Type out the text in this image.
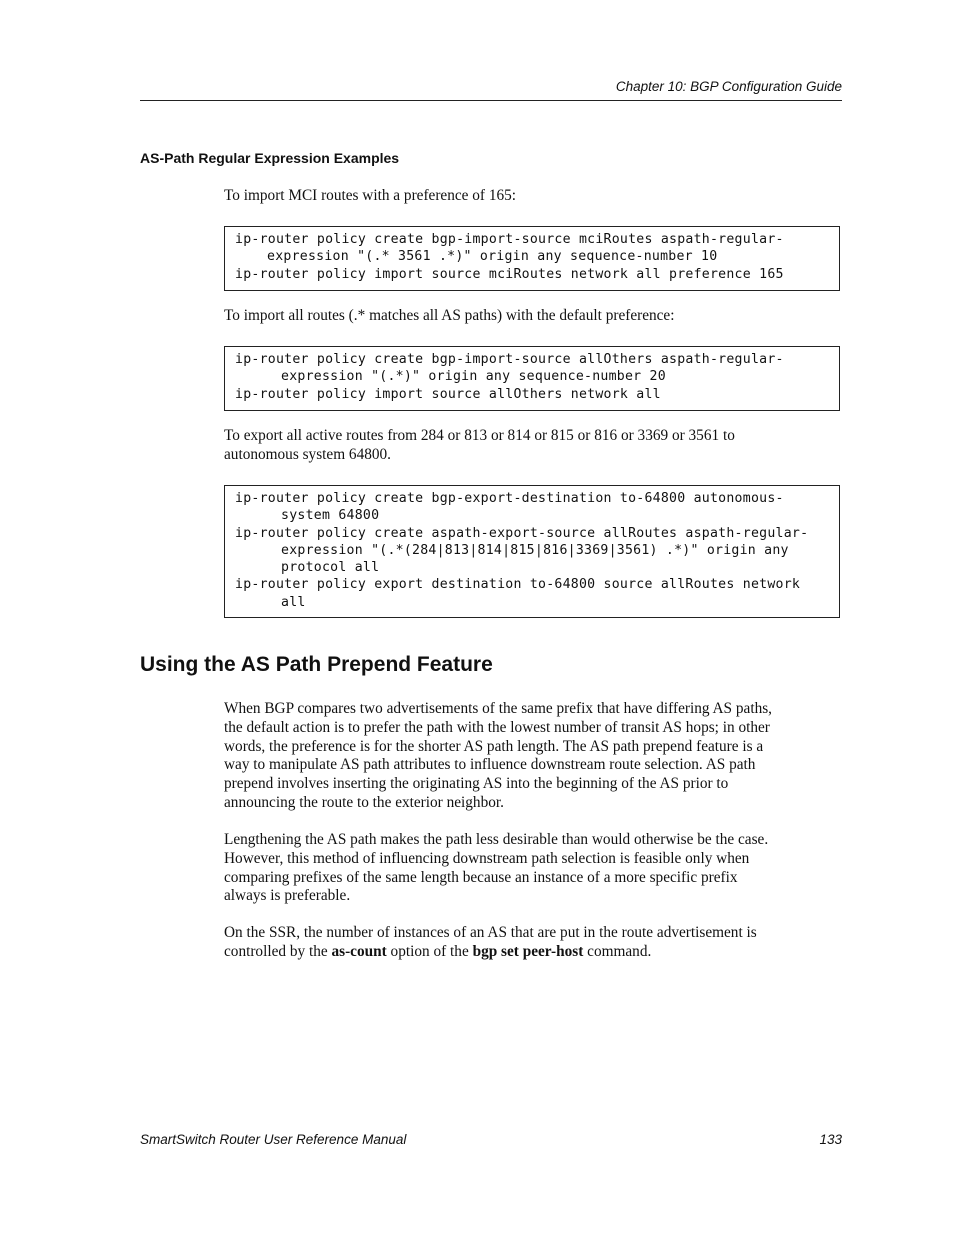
Chapter 10: BGP Configuration Guide
AS-Path Regular Expression Examples
To import MCI routes with a preference of 165:
ip-router policy create bgp-import-source mciRoutes aspath-regular-
expression "(.* 3561 .*)" origin any sequence-number 10
ip-router policy import source mciRoutes network all preference 165
To import all routes (.* matches all AS paths) with the default preference:
ip-router policy create bgp-import-source allOthers aspath-regular-
expression "(.*)" origin any sequence-number 20
ip-router policy import source allOthers network all
To export all active routes from 284 or 813 or 814 or 815 or 816 or 3369 or 3561 to
autonomous system 64800.
ip-router policy create bgp-export-destination to-64800 autonomous-
system 64800
ip-router policy create aspath-export-source allRoutes aspath-regular-
expression "(.*(284|813|814|815|816|3369|3561) .*)" origin any
protocol all
ip-router policy export destination to-64800 source allRoutes network
all
Using the AS Path Prepend Feature
When BGP compares two advertisements of the same prefix that have differing AS paths,
the default action is to prefer the path with the lowest number of transit AS hops; in other
words, the preference is for the shorter AS path length. The AS path prepend feature is a
way to manipulate AS path attributes to influence downstream route selection. AS path
prepend involves inserting the originating AS into the beginning of the AS prior to
announcing the route to the exterior neighbor.
Lengthening the AS path makes the path less desirable than would otherwise be the case.
However, this method of influencing downstream path selection is feasible only when
comparing prefixes of the same length because an instance of a more specific prefix
always is preferable.
On the SSR, the number of instances of an AS that are put in the route advertisement is
controlled by the as-count option of the bgp set peer-host command.
SmartSwitch Router User Reference Manual	133
